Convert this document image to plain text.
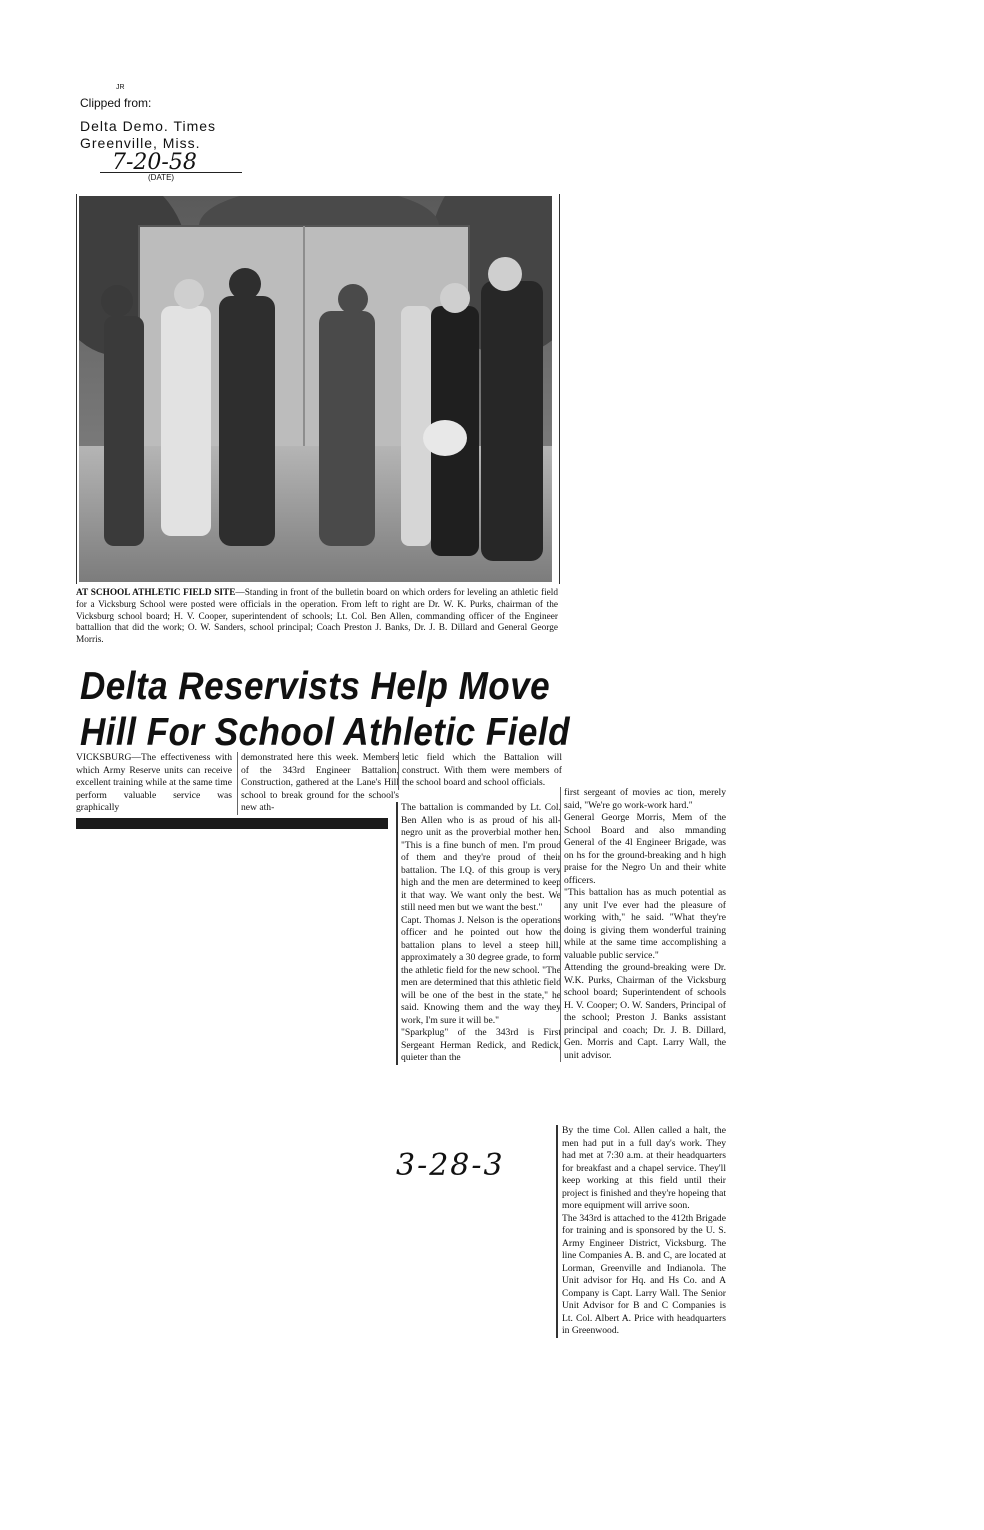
JR
Clipped from:
Delta Demo. Times
Greenville, Miss.
7-20-58
(DATE)
AT SCHOOL ATHLETIC FIELD SITE—Standing in front of the bulletin board on which orders for leveling an athletic field for a Vicksburg School were posted were officials in the operation. From left to right are Dr. W. K. Purks, chairman of the Vicksburg school board; H. V. Cooper, superintendent of schools; Lt. Col. Ben Allen, commanding officer of the Engineer battallion that did the work; O. W. Sanders, school principal; Coach Preston J. Banks, Dr. J. B. Dillard and General George Morris.
Delta Reservists Help Move
Hill For School Athletic Field

VICKSBURG—The effectiveness with which Army Reserve units can receive excellent training while at the same time perform valuable service was graphically

demonstrated here this week. Members of the 343rd Engineer Battalion, Construction, gathered at the Lane's Hill school to break ground for the school's new ath-

letic field which the Battalion will construct. With them were members of the school board and school officials.

The battalion is commanded by Lt. Col. Ben Allen who is as proud of his all-negro unit as the proverbial mother hen. "This is a fine bunch of men. I'm proud of them and they're proud of their battalion. The I.Q. of this group is very high and the men are determined to keep it that way. We want only the best. We still need men but we want the best."

Capt. Thomas J. Nelson is the operations officer and he pointed out how the battalion plans to level a steep hill, approximately a 30 degree grade, to form the athletic field for the new school. "The men are determined that this athletic field will be one of the best in the state," he said. Knowing them and the way they work, I'm sure it will be."

"Sparkplug" of the 343rd is First Sergeant Herman Redick, and Redick, quieter than the

first sergeant of movies ac tion, merely said, "We're go work-work hard."

General George Morris, Mem of the School Board and also mmanding General of the 4l Engineer Brigade, was on hs for the ground-breaking and h high praise for the Negro Un and their white officers.

"This battalion has as much potential as any unit I've ever had the pleasure of working with," he said. "What they're doing is giving them wonderful training while at the same time accomplishing a valuable public service."

Attending the ground-breaking were Dr. W.K. Purks, Chairman of the Vicksburg school board; Superintendent of schools H. V. Cooper; O. W. Sanders, Principal of the school; Preston J. Banks assistant principal and coach; Dr. J. B. Dillard, Gen. Morris and Capt. Larry Wall, the unit advisor.

By the time Col. Allen called a halt, the men had put in a full day's work. They had met at 7:30 a.m. at their headquarters for breakfast and a chapel service. They'll keep working at this field until their project is finished and they're hopeing that more equipment will arrive soon.

The 343rd is attached to the 412th Brigade for training and is sponsored by the U. S. Army Engineer District, Vicksburg. The line Companies A. B. and C, are located at Lorman, Greenville and Indianola. The Unit advisor for Hq. and Hs Co. and A Company is Capt. Larry Wall. The Senior Unit Advisor for B and C Companies is Lt. Col. Albert A. Price with headquarters in Greenwood.

3-28-3
